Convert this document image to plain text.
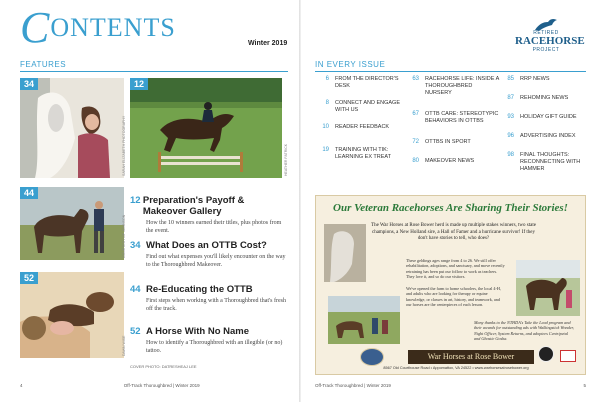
CONTENTS
Winter 2019
RETIRED
RACEHORSE
PROJECT
FEATURES
34
SARAH ELIZABETH PHOTOGRAPHY
12
HEATHER PATRICK
44
COURTESY OF JOHNSON
52
DAWN WISE
12 Preparation's Payoff & Makeover Gallery
How the 10 winners earned their titles, plus photos from the event.
34 What Does an OTTB Cost?
Find out what expenses you'll likely encounter on the way to the Thoroughbred Makeover.
44 Re-Educating the OTTB
First steps when working with a Thoroughbred that's fresh off the track.
52 A Horse With No Name
How to identify a Thoroughbred with an illegible (or no) tattoo.
COVER PHOTO: DATRESHEAJ LEE
IN EVERY ISSUE
6 FROM THE DIRECTOR'S DESK
8 CONNECT AND ENGAGE WITH US
10 READER FEEDBACK
19 TRAINING WITH TIK: LEARNING EX TREAT
63 RACEHORSE LIFE: INSIDE A THOROUGHBRED NURSERY
67 OTTB CARE: STEREOTYPIC BEHAVIORS IN OTTBS
72 OTTBS IN SPORT
80 MAKEOVER NEWS
85 RRP NEWS
87 REHOMING NEWS
93 HOLIDAY GIFT GUIDE
96 ADVERTISING INDEX
98 FINAL THOUGHTS: RECONNECTING WITH HAMMER
Our Veteran Racehorses Are Sharing Their Stories!
The War Horses at Rose Bower herd is made up multiple stakes winners, two state champions, a New Holland sire, a Hall of Famer and a hurricane survivor! If they don't have stories to tell, who does?
These geldings ages range from 4 to 26. We still offer rehabilitation, adoptions, and sanctuary, and move recently retraining has been put our follow to work as teachers. They love it, and so do our visitors.
We've opened the farm to home schoolers, the local 4-H, and adults who are looking for therapy or equine knowledge, or classes in art, history, and teamwork, and our horses are the centerpieces of each lesson.
Many thanks to the NTHDA's Take the Lead program and their awards for outstanding ads with Walkingstick Wonder, Night Officer, System Returns, and adoptees Centripetal and Ghostie Gosha.
War Horses at Rose Bower
8567 Old Courthouse Road • Appomattox, VA 24522 • www.warhorsesatrosebower.org
4	Off-Track Thoroughbred | Winter 2019	Off-Track Thoroughbred | Winter 2019	5
